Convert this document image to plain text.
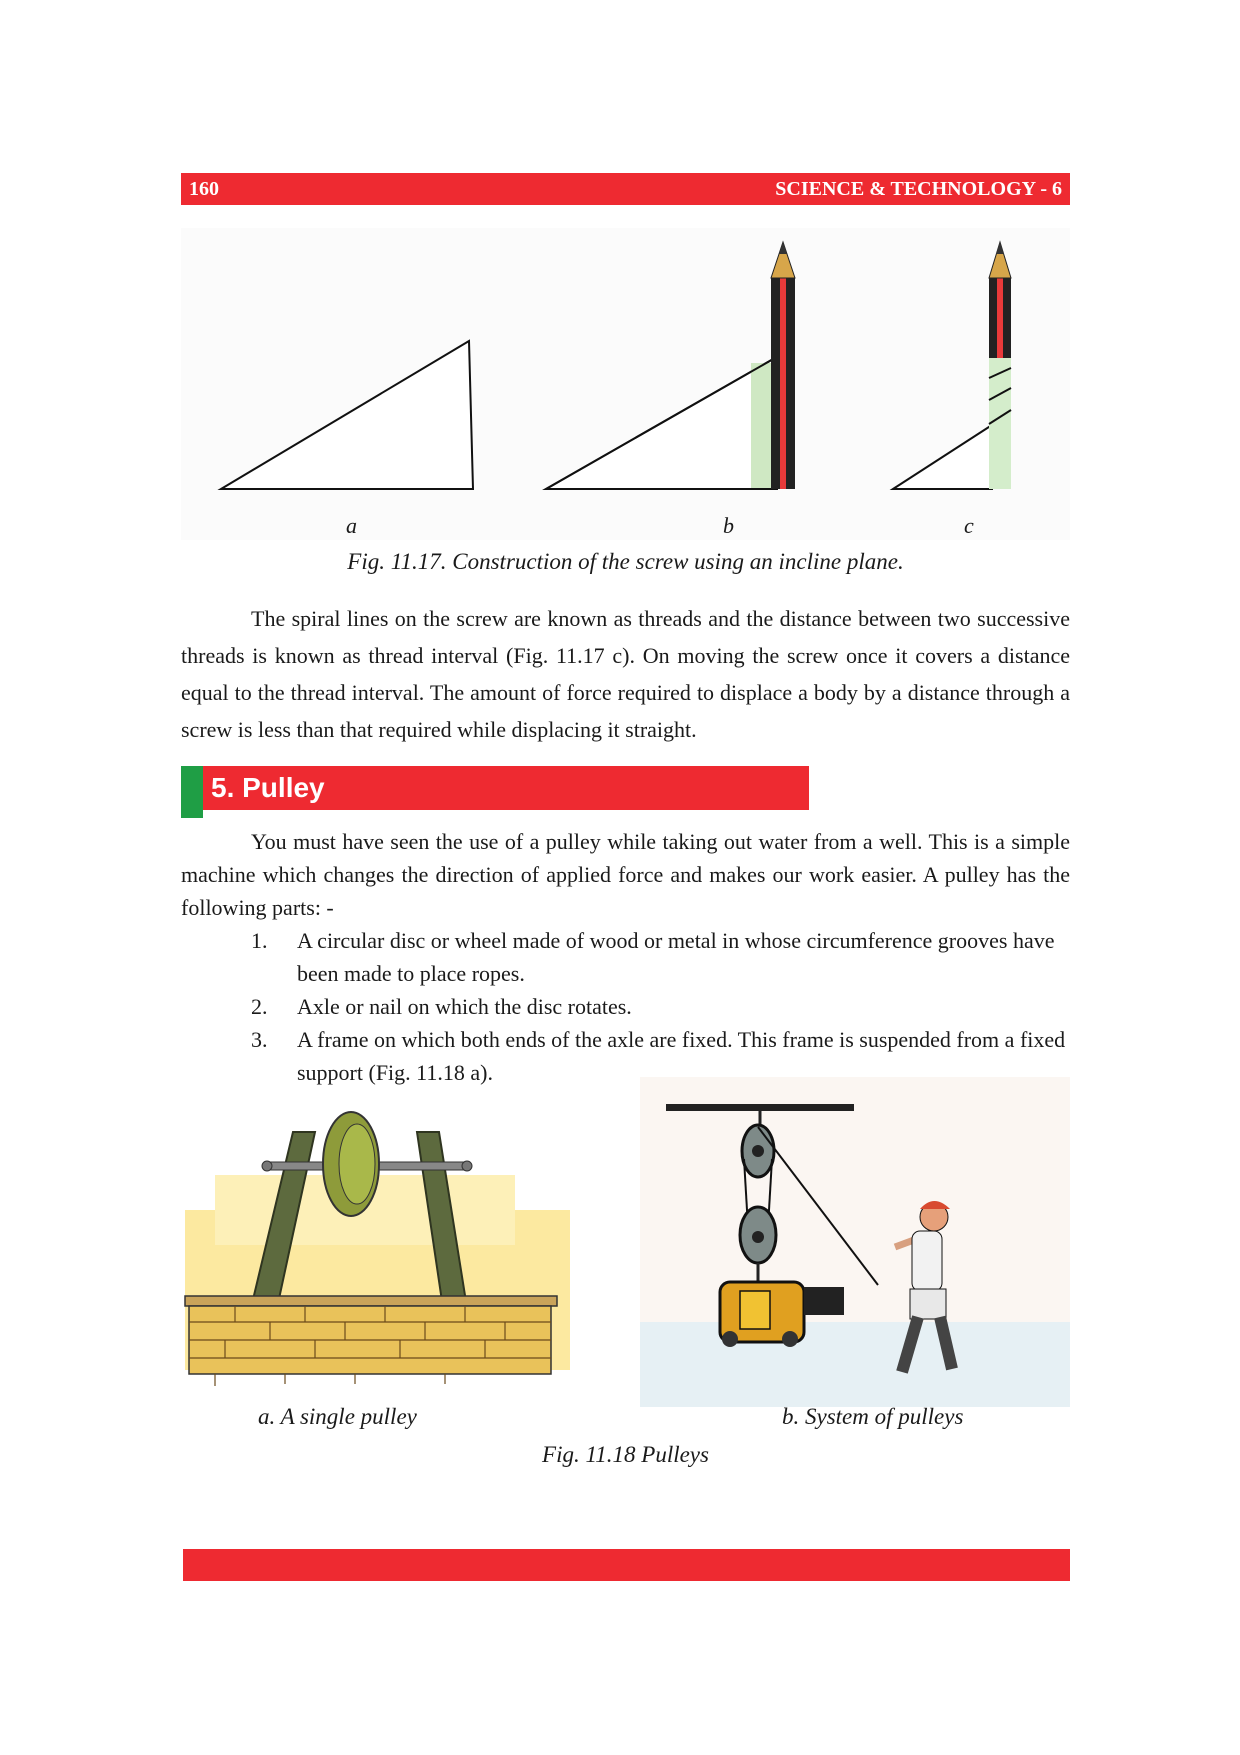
160	SCIENCE & TECHNOLOGY - 6
a	b	c
Fig. 11.17. Construction of the screw using an incline plane.
The spiral lines on the screw are known as threads and the distance between two successive threads is known as thread interval (Fig. 11.17 c). On moving the screw once it covers a distance equal to the thread interval. The amount of force required to displace a body by a distance through a screw is less than that required while displacing it straight.
5. Pulley
You must have seen the use of a pulley while taking out water from a well. This is a simple machine which changes the direction of applied force and makes our work easier. A pulley has the following parts: -

1. A circular disc or wheel made of wood or metal in whose circumference grooves have been made to place ropes.

2. Axle or nail on which the disc rotates.

3. A frame on which both ends of the axle are fixed. This frame is suspended from a fixed support (Fig. 11.18 a).

a. A single pulley	b. System of pulleys
Fig. 11.18 Pulleys
